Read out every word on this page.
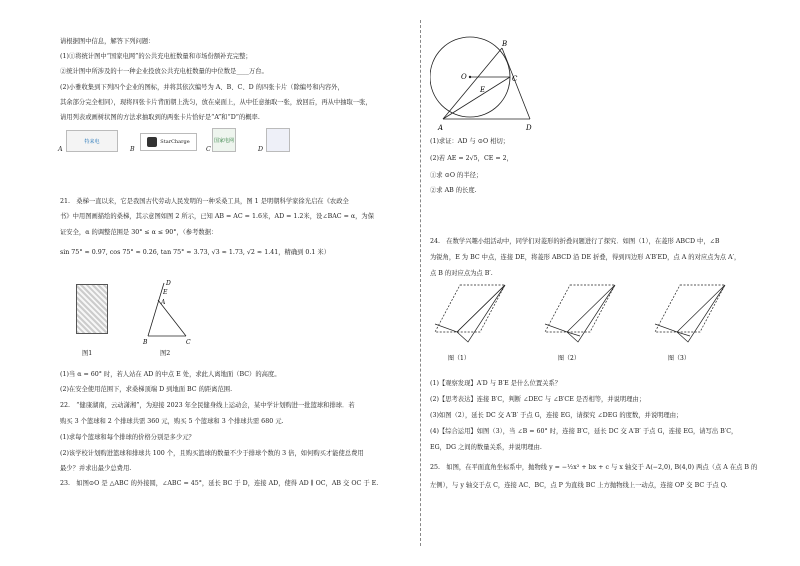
请根据图中信息，解答下列问题：
(1)①将统计图中“国家电网”的公共充电桩数量和市场份额补充完整；
②统计图中所涉及的十一种企业投放公共充电桩数量的中位数是____万台。
(2)小雅收集到下列四个企业的图标，并将其依次编号为 A、B、C、D 的四张卡片（除编号和内容外，
其余部分完全相同），现将四张卡片背面朝上洗匀，放在桌面上，从中任意抽取一张，放回后，再从中抽取一张，
请用列表或画树状图的方法求抽取到的两张卡片恰好是“A”和“D”的概率.
A
特来电
B
StarCharge
C
国家电网
D
21.　桑梯一直以来，它是我国古代劳动人民发明的一种采桑工具，图 1 是明朝科学家徐光启在《农政全
书》中用图画描绘的桑梯，其示意图如图 2 所示，已知 AB = AC = 1.6米，AD = 1.2米，设∠BAC = α，为保
证安全，α 的调整范围是 30° ≤ α ≤ 90°，（参考数据：
sin 75° ≈ 0.97, cos 75° ≈ 0.26, tan 75° ≈ 3.73, √3 ≈ 1.73, √2 ≈ 1.41，精确到 0.1 米）
图1
D
E
A
B	C
图2
(1)当 α = 60° 时，若人站在 AD 的中点 E 处，求此人离地面（BC）的高度。
(2)在安全使用范围下，求桑梯顶端 D 到地面 BC 的距离范围.
22.　“健康湖南，云动潇湘”，为迎接 2023 年全民健身线上运动会，某中学计划购进一批篮球和排球．若
购买 3 个篮球和 2 个排球共需 360 元，购买 5 个篮球和 3 个排球共需 680 元.
(1)求每个篮球和每个排球的价格分别是多少元？
(2)该学校计划购进篮球和排球共 100 个，且购买篮球的数量不少于排球个数的 3 倍，如何购买才能使总费用
最少？并求出最少总费用.
23.　如图⊙O 是 △ABC 的外接圆，∠ABC = 45°，延长 BC 于 D，连接 AD，使得 AD ∥ OC，AB 交 OC 于 E.
O
B
C
E
A	D
(1)求证：AD 与 ⊙O 相切；
(2)若 AE = 2√5，CE = 2，
①求 ⊙O 的半径；
②求 AB 的长度.
24.　在数学兴趣小组活动中，同学们对菱形的折叠问题进行了探究．如图（1），在菱形 ABCD 中，∠B
为锐角，E 为 BC 中点，连接 DE，将菱形 ABCD 沿 DE 折叠，得到四边形 A′B′ED，点 A 的对应点为点 A′，
点 B 的对应点为点 B′.
图（1）	图（2）	图（3）
(1)【观察发现】A′D 与 B′E 是什么位置关系？
(2)【思考表达】连接 B′C，判断 ∠DEC 与 ∠B′CE 是否相等，并说明理由；
(3)如图（2），延长 DC 交 A′B′ 于点 G，连接 EG，请探究 ∠DEG 的度数，并说明理由；
(4)【综合运用】如图（3），当 ∠B = 60° 时，连接 B′C，延长 DC 交 A′B′ 于点 G，连接 EG，请写出 B′C，
EG，DG 之间的数量关系，并说明理由.
25.　如图，在平面直角坐标系中，抛物线 y = −½x² + bx + c 与 x 轴交于 A(−2,0), B(4,0) 两点（点 A 在点 B 的
左侧），与 y 轴交于点 C，连接 AC、BC，点 P 为直线 BC 上方抛物线上一动点，连接 OP 交 BC 于点 Q.
